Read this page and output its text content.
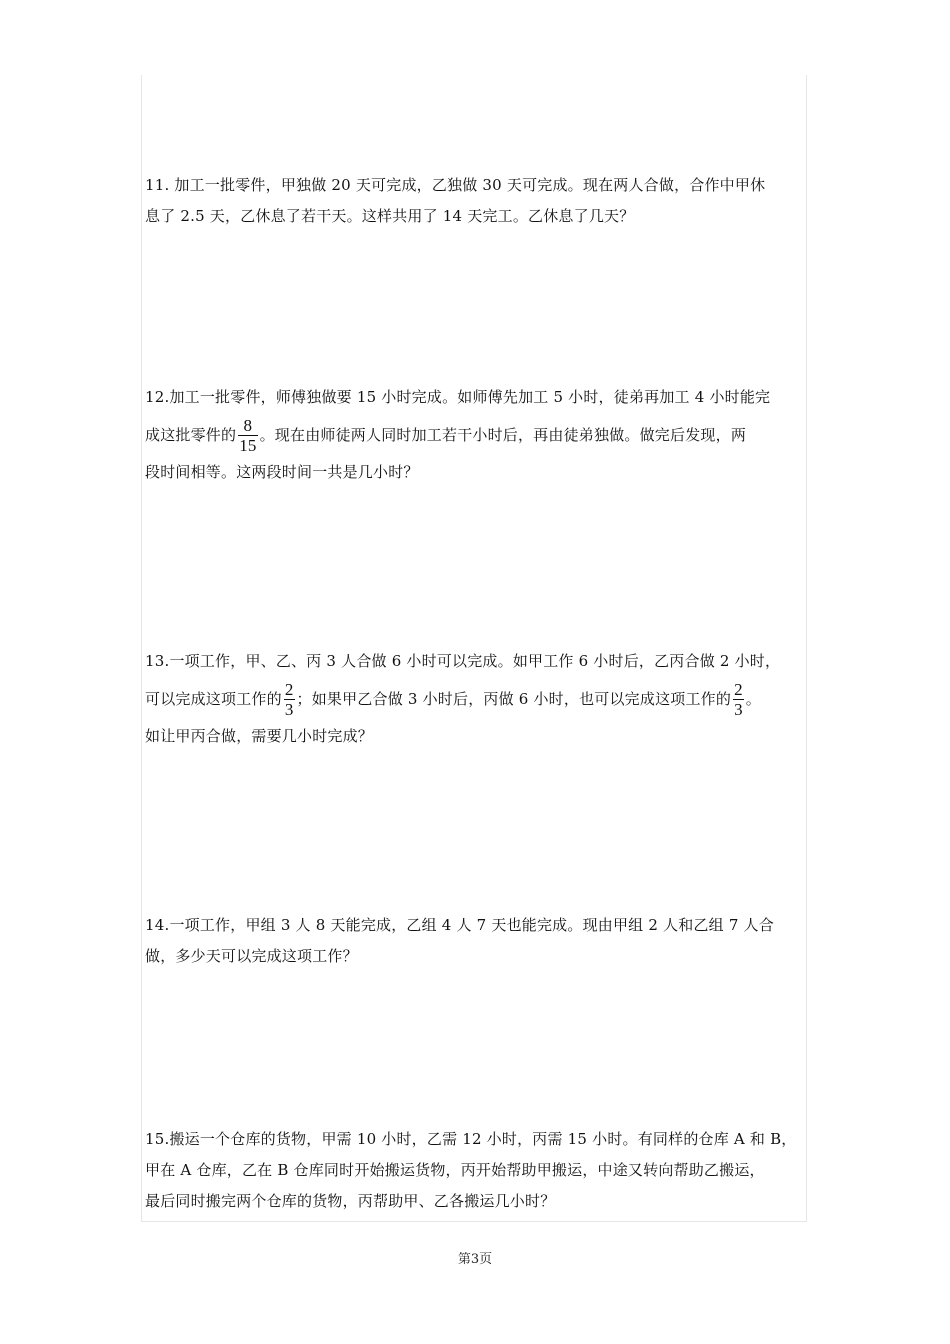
11. 加工一批零件，甲独做 20 天可完成，乙独做 30 天可完成。现在两人合做，合作中甲休
息了 2.5 天，乙休息了若干天。这样共用了 14 天完工。乙休息了几天？
12.加工一批零件，师傅独做要 15 小时完成。如师傅先加工 5 小时，徒弟再加工 4 小时能完
成这批零件的 $\frac{8}{15}$ 。现在由师徒两人同时加工若干小时后，再由徒弟独做。做完后发现，两
段时间相等。这两段时间一共是几小时？
13.一项工作，甲、乙、丙 3 人合做 6 小时可以完成。如甲工作 6 小时后，乙丙合做 2 小时，
可以完成这项工作的 $\frac{2}{3}$ ；如果甲乙合做 3 小时后，丙做 6 小时，也可以完成这项工作的 $\frac{2}{3}$ 。
如让甲丙合做，需要几小时完成？
14.一项工作，甲组 3 人 8 天能完成，乙组 4 人 7 天也能完成。现由甲组 2 人和乙组 7 人合
做，多少天可以完成这项工作？
15.搬运一个仓库的货物，甲需 10 小时，乙需 12 小时，丙需 15 小时。有同样的仓库 A 和 B，
甲在 A 仓库，乙在 B 仓库同时开始搬运货物，丙开始帮助甲搬运，中途又转向帮助乙搬运，
最后同时搬完两个仓库的货物，丙帮助甲、乙各搬运几小时？
第3页
